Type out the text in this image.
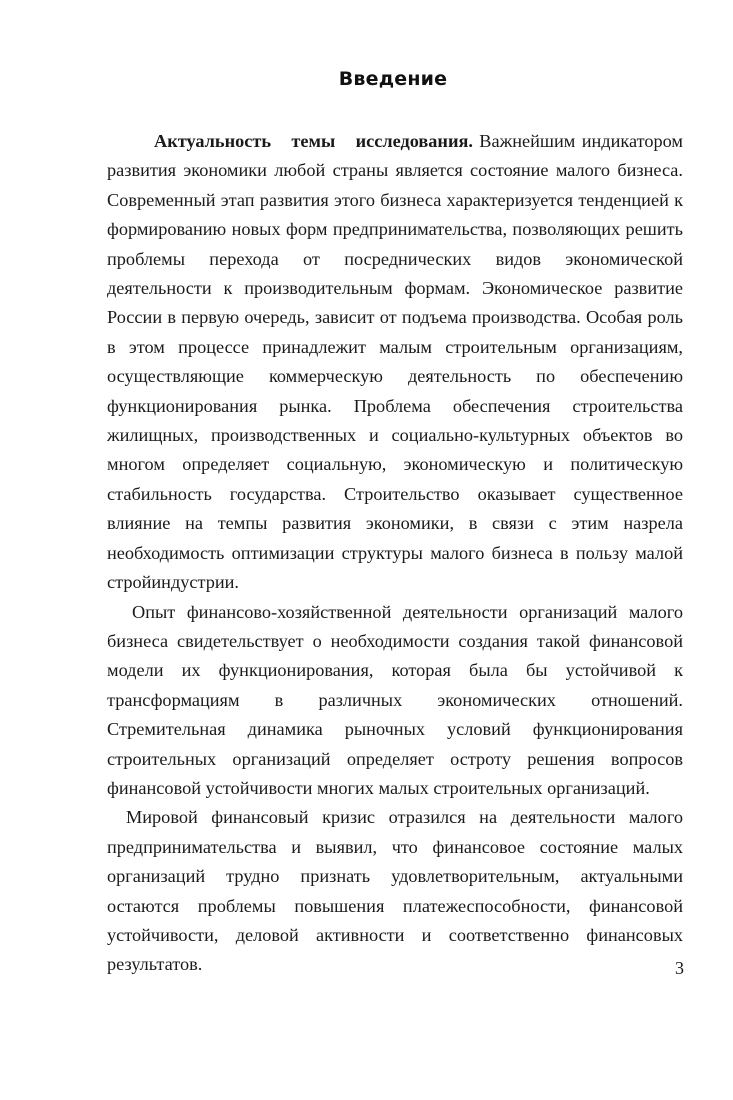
Введение

Актуальность темы исследования. Важнейшим индикатором развития экономики любой страны является состояние малого бизнеса. Современный этап развития этого бизнеса характеризуется тенденцией к формированию новых форм предпринимательства, позволяющих решить проблемы перехода от посреднических видов экономической деятельности к производительным формам. Экономическое развитие России в первую очередь, зависит от подъема производства. Особая роль в этом процессе принадлежит малым строительным организациям, осуществляющие коммерческую деятельность по обеспечению функционирования рынка. Проблема обеспечения строительства жилищных, производственных и социально-культурных объектов во многом определяет социальную, экономическую и политическую стабильность государства. Строительство оказывает существенное влияние на темпы развития экономики, в связи с этим назрела необходимость оптимизации структуры малого бизнеса в пользу малой стройиндустрии.

Опыт финансово-хозяйственной деятельности организаций малого бизнеса свидетельствует о необходимости создания такой финансовой модели их функционирования, которая была бы устойчивой к трансформациям в различных экономических отношений. Стремительная динамика рыночных условий функционирования строительных организаций определяет остроту решения вопросов финансовой устойчивости многих малых строительных организаций.

Мировой финансовый кризис отразился на деятельности малого предпринимательства и выявил, что финансовое состояние малых организаций трудно признать удовлетворительным, актуальными остаются проблемы повышения платежеспособности, финансовой устойчивости, деловой активности и соответственно финансовых результатов.	3
